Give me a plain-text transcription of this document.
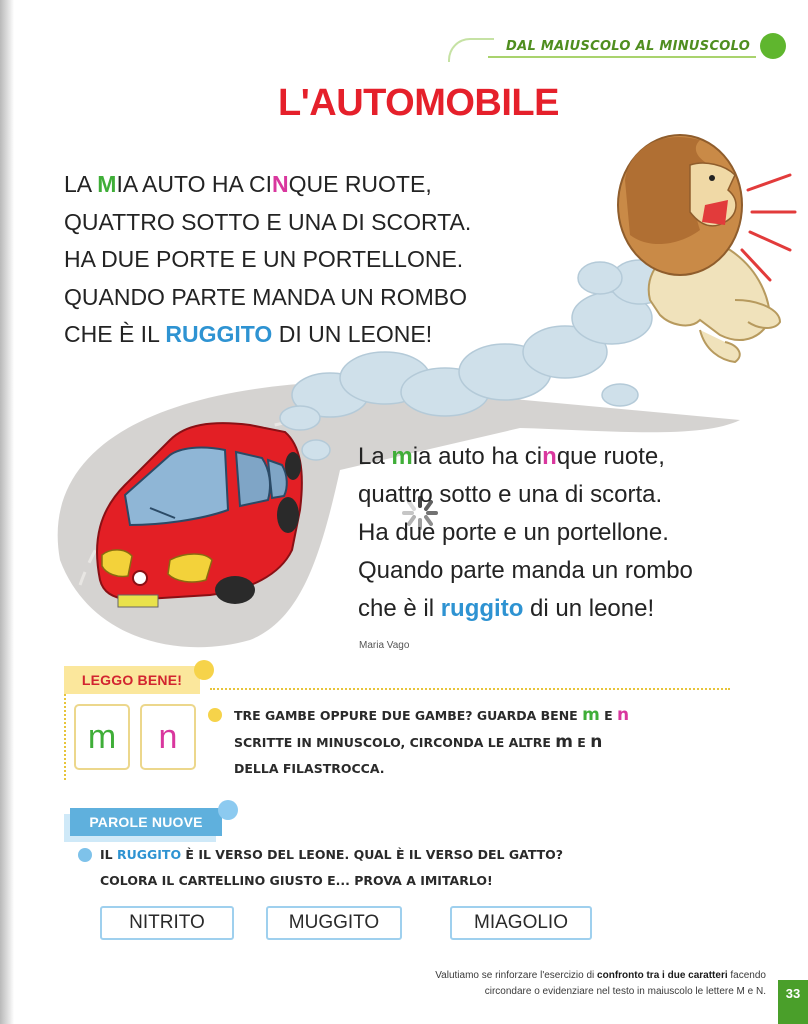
DAL MAIUSCOLO AL MINUSCOLO
L'AUTOMOBILE
LA MIA AUTO HA CINQUE RUOTE,
QUATTRO SOTTO E UNA DI SCORTA.
HA DUE PORTE E UN PORTELLONE.
QUANDO PARTE MANDA UN ROMBO
CHE È IL RUGGITO DI UN LEONE!
La mia auto ha cinque ruote,
quattro sotto e una di scorta.
Ha due porte e un portellone.
Quando parte manda un rombo
che è il ruggito di un leone!
Maria Vago
LEGGO BENE!
m	n
TRE GAMBE OPPURE DUE GAMBE? GUARDA BENE m E n
SCRITTE IN MINUSCOLO, CIRCONDA LE ALTRE m E n
DELLA FILASTROCCA.
PAROLE NUOVE
IL RUGGITO È IL VERSO DEL LEONE. QUAL È IL VERSO DEL GATTO?
COLORA IL CARTELLINO GIUSTO E... PROVA A IMITARLO!
NITRITO	MUGGITO	MIAGOLIO
Valutiamo se rinforzare l'esercizio di confronto tra i due caratteri facendo
circondare o evidenziare nel testo in maiuscolo le lettere M e N.	33
